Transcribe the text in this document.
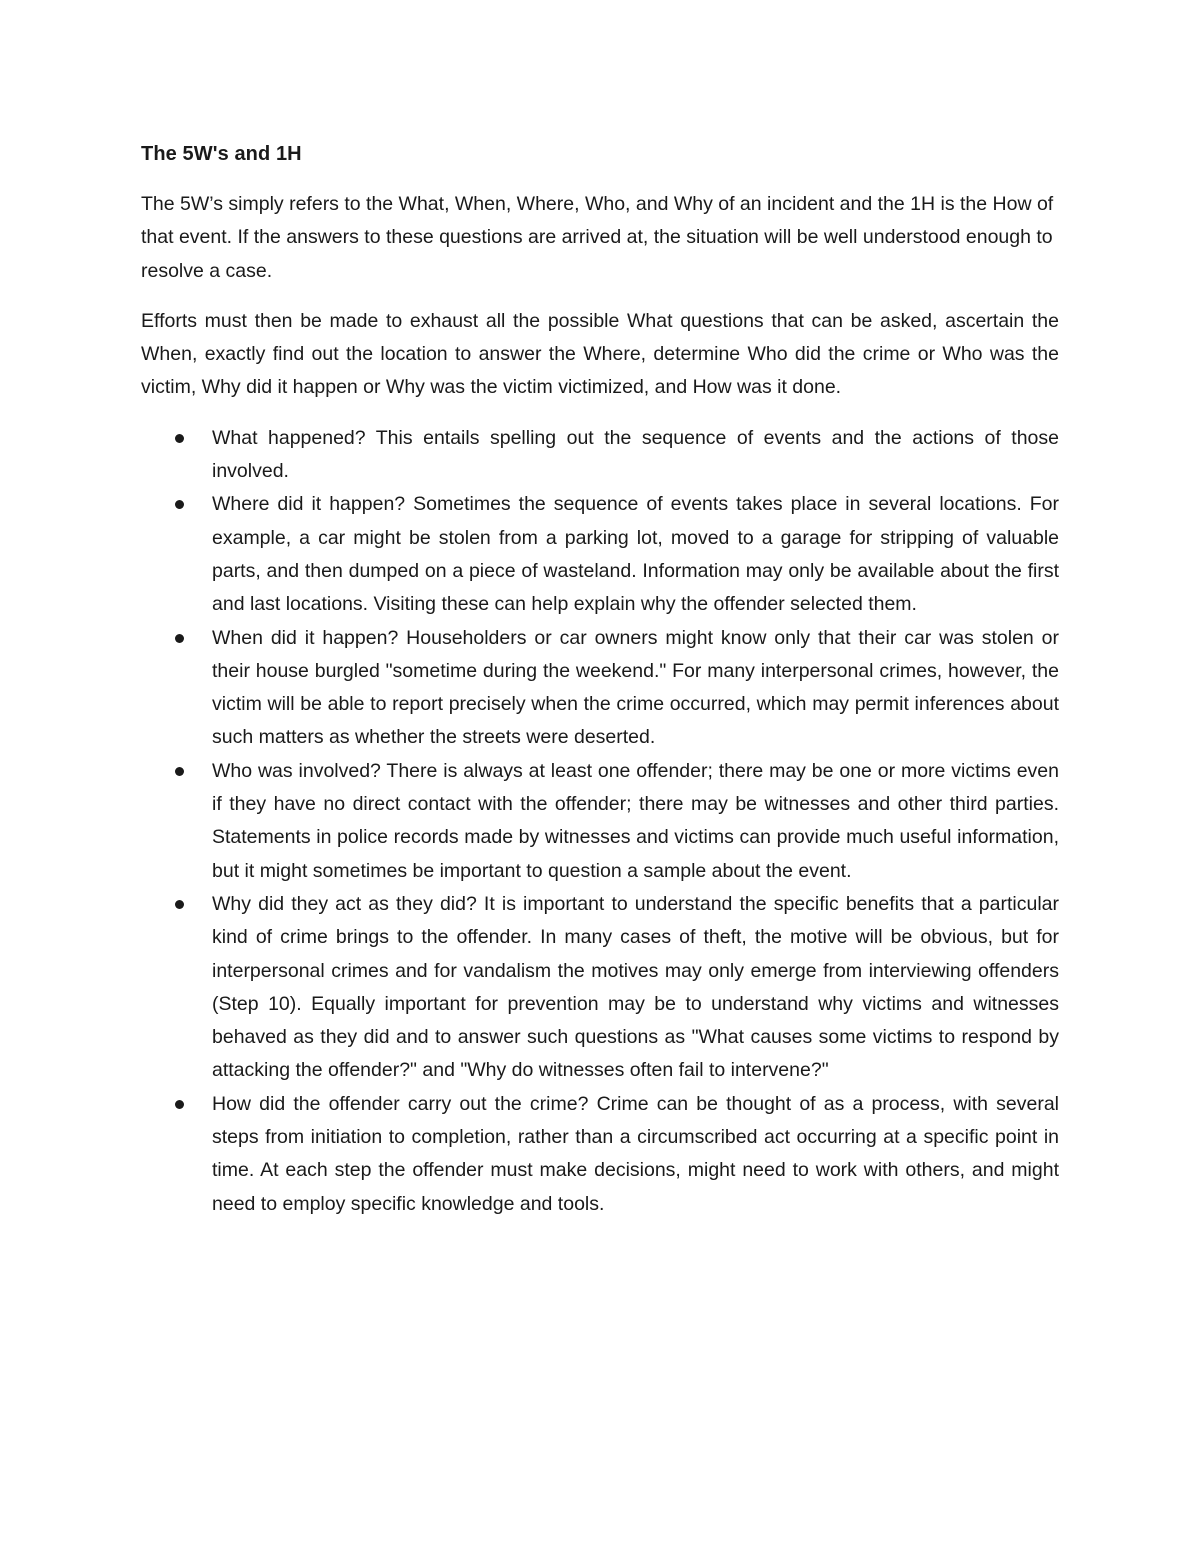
The 5W's and 1H

The 5W’s simply refers to the What, When, Where, Who, and Why of an incident and the 1H is the How of that event. If the answers to these questions are arrived at, the situation will be well understood enough to resolve a case.

Efforts must then be made to exhaust all the possible What questions that can be asked, ascertain the When, exactly find out the location to answer the Where, determine Who did the crime or Who was the victim, Why did it happen or Why was the victim victimized, and How was it done.

What happened? This entails spelling out the sequence of events and the actions of those involved.
Where did it happen? Sometimes the sequence of events takes place in several locations. For example, a car might be stolen from a parking lot, moved to a garage for stripping of valuable parts, and then dumped on a piece of wasteland. Information may only be available about the first and last locations. Visiting these can help explain why the offender selected them.
When did it happen? Householders or car owners might know only that their car was stolen or their house burgled "sometime during the weekend." For many interpersonal crimes, however, the victim will be able to report precisely when the crime occurred, which may permit inferences about such matters as whether the streets were deserted.
Who was involved? There is always at least one offender; there may be one or more victims even if they have no direct contact with the offender; there may be witnesses and other third parties. Statements in police records made by witnesses and victims can provide much useful information, but it might sometimes be important to question a sample about the event.
Why did they act as they did? It is important to understand the specific benefits that a particular kind of crime brings to the offender. In many cases of theft, the motive will be obvious, but for interpersonal crimes and for vandalism the motives may only emerge from interviewing offenders (Step 10). Equally important for prevention may be to understand why victims and witnesses behaved as they did and to answer such questions as "What causes some victims to respond by attacking the offender?" and "Why do witnesses often fail to intervene?"
How did the offender carry out the crime? Crime can be thought of as a process, with several steps from initiation to completion, rather than a circumscribed act occurring at a specific point in time. At each step the offender must make decisions, might need to work with others, and might need to employ specific knowledge and tools.
